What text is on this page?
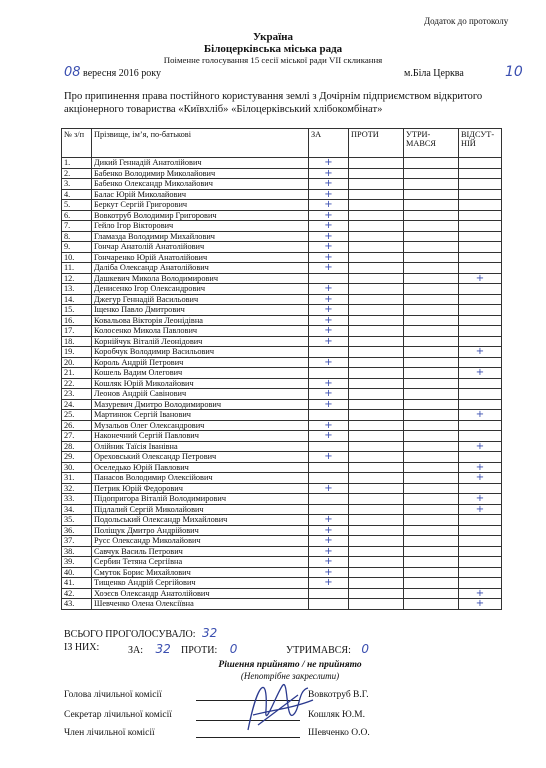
Додаток до протоколу
Україна
Білоцерківська міська рада
Поіменне голосування 15 сесії міської ради VII скликання
08 вересня 2016 року	м.Біла Церква	10
Про припинення права постійного користування землі з Дочірнім підприємством відкритого акціонерного товариства «Київхліб» «Білоцерківський хлібокомбінат»
№ з/п	Прізвище, ім’я, по-батькові	ЗА	ПРОТИ	УТРИ-МАВСЯ	ВІДСУТ-НІЙ
1.	Дикий Геннадій Анатолійович	+			
2.	Бабенко Володимир Миколайович	+			
3.	Бабенко Олександр Миколайович	+			
4.	Балас Юрій Миколайович	+			
5.	Беркут Сергій Григорович	+			
6.	Вовкотруб Володимир Григорович	+			
7.	Гейло Ігор Вікторович	+			
8.	Гламазда Володимир Михайлович	+			
9.	Гончар Анатолій Анатолійович	+			
10.	Гончаренко Юрій Анатолійович	+			
11.	Даліба Олександр Анатолійович	+			
12.	Дашкевич Микола Володимирович				+
13.	Денисенко Ігор Олександрович	+			
14.	Джегур Геннадій Васильович	+			
15.	Іщенко Павло Дмитрович	+			
16.	Ковальова Вікторія Леонідівна	+			
17.	Колосенко Микола Павлович	+			
18.	Корнійчук Віталій Леонідович	+			
19.	Коробчук Володимир Васильович				+
20.	Король Андрій Петрович	+			
21.	Кошель Вадим Олегович				+
22.	Кошляк Юрій Миколайович	+			
23.	Леонов Андрій Савінович	+			
24.	Мазуревич Дмитро Володимирович	+			
25.	Мартинюк Сергій Іванович				+
26.	Музальов Олег Олександрович	+			
27.	Наконечний Сергій Павлович	+			
28.	Олійник Таїсія Іванівна				+
29.	Ореховський Олександр Петрович	+			
30.	Оселедько Юрій Павлович				+
31.	Панасов Володимир Олексійович				+
32.	Петрик Юрій Федорович	+			
33.	Підопригора Віталій Володимирович				+
34.	Підлалий Сергій Миколайович				+
35.	Подольський Олександр Михайлович	+			
36.	Поліщук Дмитро Андрійович	+			
37.	Русс Олександр Миколайович	+			
38.	Савчук Василь Петрович	+			
39.	Сербин Тетяна Сергіївна	+			
40.	Смуток Борис Михайлович	+			
41.	Тищенко Андрій Сергійович	+			
42.	Хоэєсв Олександр Анатолійович				+
43.	Шевченко Олена Олексіївна				+
ВСЬОГО ПРОГОЛОСУВАЛО: 32
ІЗ НИХ:	ЗА: 32 ПРОТИ: 0	УТРИМАВСЯ: 0
Рішення прийнято / не прийнято
(Непотрібне закреслити)
Голова лічильної комісії	Вовкотруб В.Г.
Секретар лічильної комісії	Кошляк Ю.М.
Член лічильної комісії	Шевченко О.О.
